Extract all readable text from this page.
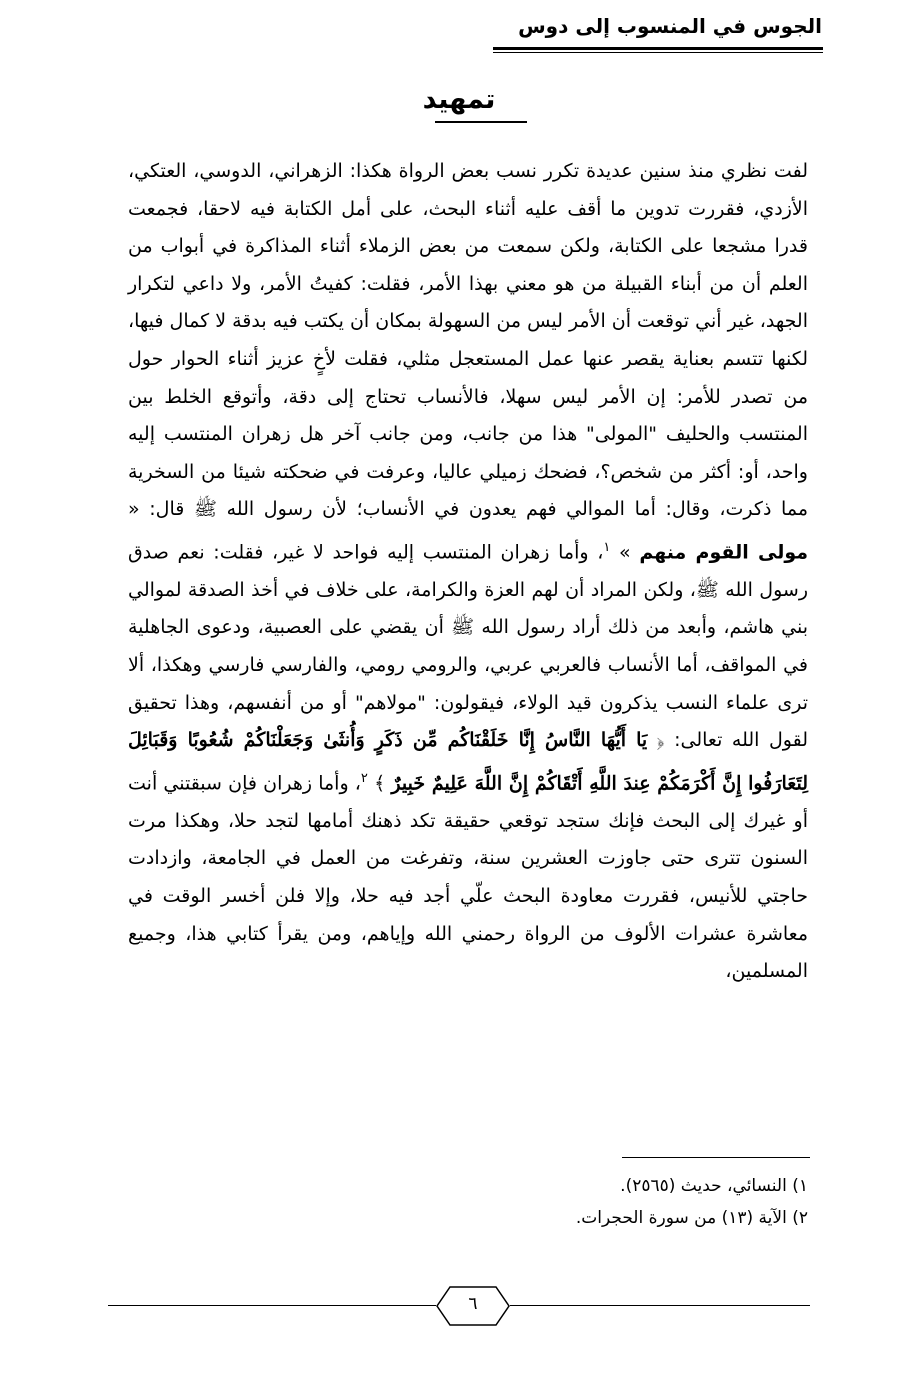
الجوس في المنسوب إلى دوس
تمهيد

لفت نظري منذ سنين عديدة تكرر نسب بعض الرواة هكذا: الزهراني، الدوسي، العتكي، الأزدي، فقررت تدوين ما أقف عليه أثناء البحث، على أمل الكتابة فيه لاحقا، فجمعت قدرا مشجعا على الكتابة، ولكن سمعت من بعض الزملاء أثناء المذاكرة في أبواب من العلم أن من أبناء القبيلة من هو معني بهذا الأمر، فقلت: كفيتُ الأمر، ولا داعي لتكرار الجهد، غير أني توقعت أن الأمر ليس من السهولة بمكان أن يكتب فيه بدقة لا كمال فيها، لكنها تتسم بعناية يقصر عنها عمل المستعجل مثلي، فقلت لأخٍ عزيز أثناء الحوار حول من تصدر للأمر: إن الأمر ليس سهلا، فالأنساب تحتاج إلى دقة، وأتوقع الخلط بين المنتسب والحليف "المولى" هذا من جانب، ومن جانب آخر هل زهران المنتسب إليه واحد، أو: أكثر من شخص؟، فضحك زميلي عاليا، وعرفت في ضحكته شيئا من السخرية مما ذكرت، وقال: أما الموالي فهم يعدون في الأنساب؛ لأن رسول الله ﷺ قال: « مولى القوم منهم » $^١$، وأما زهران المنتسب إليه فواحد لا غير، فقلت: نعم صدق رسول الله ﷺ، ولكن المراد أن لهم العزة والكرامة، على خلاف في أخذ الصدقة لموالي بني هاشم، وأبعد من ذلك أراد رسول الله ﷺ أن يقضي على العصبية، ودعوى الجاهلية في المواقف، أما الأنساب فالعربي عربي، والرومي رومي، والفارسي فارسي وهكذا، ألا ترى علماء النسب يذكرون قيد الولاء، فيقولون: "مولاهم" أو من أنفسهم، وهذا تحقيق لقول الله تعالى: ﴿ يَا أَيُّهَا النَّاسُ إِنَّا خَلَقْنَاكُم مِّن ذَكَرٍ وَأُنثَىٰ وَجَعَلْنَاكُمْ شُعُوبًا وَقَبَائِلَ لِتَعَارَفُوا إِنَّ أَكْرَمَكُمْ عِندَ اللَّهِ أَتْقَاكُمْ إِنَّ اللَّهَ عَلِيمٌ خَبِيرٌ ﴾ $^٢$، وأما زهران فإن سبقتني أنت أو غيرك إلى البحث فإنك ستجد توقعي حقيقة تكد ذهنك أمامها لتجد حلا، وهكذا مرت السنون تترى حتى جاوزت العشرين سنة، وتفرغت من العمل في الجامعة، وازدادت حاجتي للأنيس، فقررت معاودة البحث علّي أجد فيه حلا، وإلا فلن أخسر الوقت في معاشرة عشرات الألوف من الرواة رحمني الله وإياهم، ومن يقرأ كتابي هذا، وجميع المسلمين،

١) النسائي، حديث (٢٥٦٥).
٢) الآية (١٣) من سورة الحجرات.
٦
